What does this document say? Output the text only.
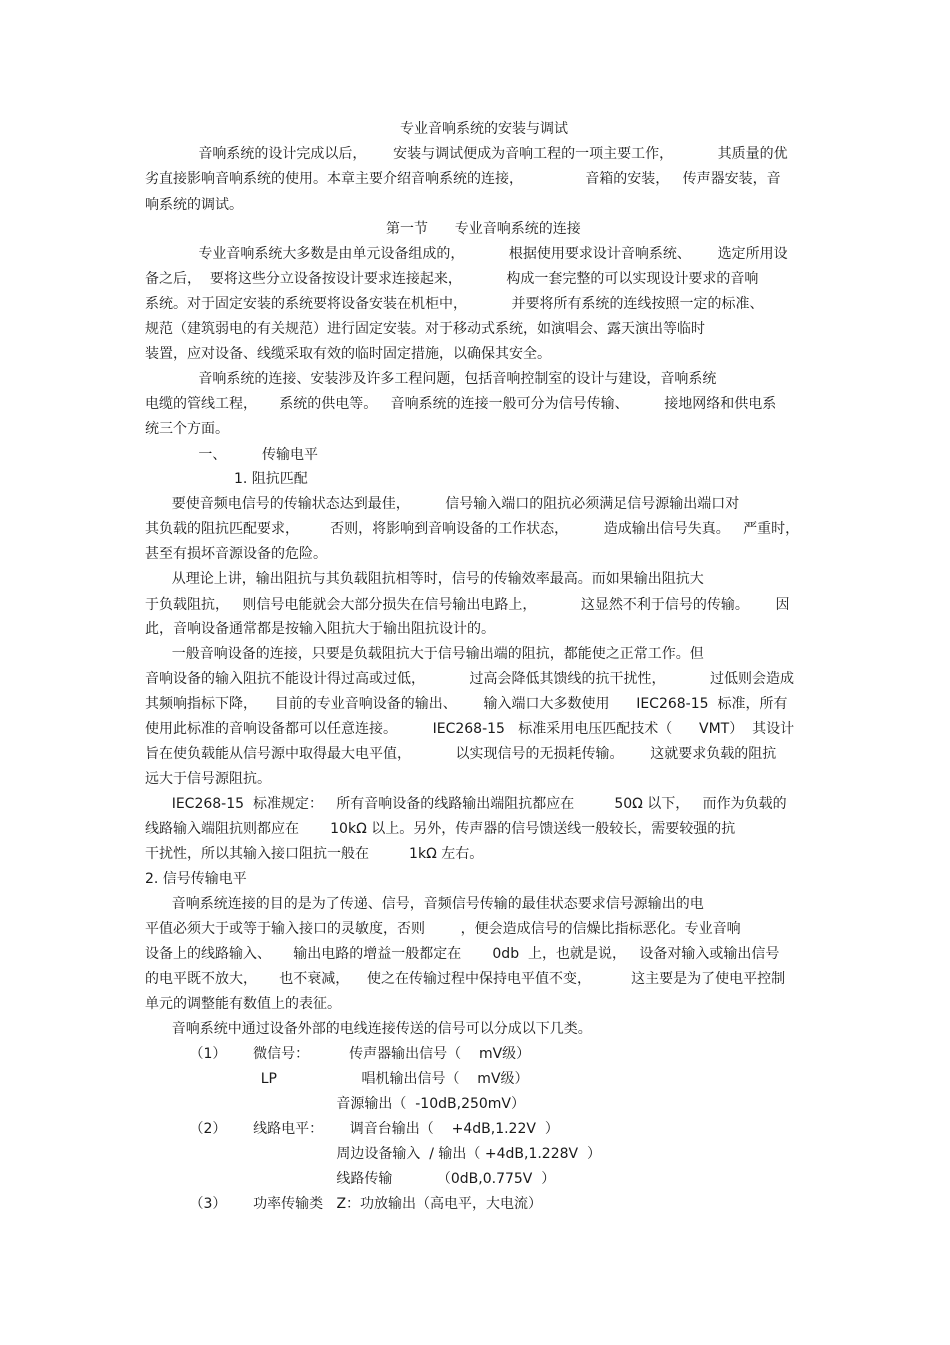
专业音响系统的安装与调试
音响系统的设计完成以后，      安装与调试便成为音响工程的一项主要工作，          其质量的优
劣直接影响音响系统的使用。本章主要介绍音响系统的连接，              音箱的安装，   传声器安装，音
响系统的调试。
第一节      专业音响系统的连接
专业音响系统大多数是由单元设备组成的，          根据使用要求设计音响系统、      选定所用设
备之后，  要将这些分立设备按设计要求连接起来，          构成一套完整的可以实现设计要求的音响
系统。对于固定安装的系统要将设备安装在机柜中，          并要将所有系统的连线按照一定的标准、
规范（建筑弱电的有关规范）进行固定安装。对于移动式系统，如演唱会、露天演出等临时
装置，应对设备、线缆采取有效的临时固定措施，以确保其安全。
音响系统的连接、安装涉及许多工程问题，包括音响控制室的设计与建设，音响系统
电缆的管线工程，     系统的供电等。   音响系统的连接一般可分为信号传输、        接地网络和供电系
统三个方面。
一、        传输电平
1. 阻抗匹配
要使音频电信号的传输状态达到最佳，        信号输入端口的阻抗必须满足信号源输出端口对
其负载的阻抗匹配要求，       否则，将影响到音响设备的工作状态，        造成输出信号失真。   严重时，
甚至有损坏音源设备的危险。
从理论上讲，输出阻抗与其负载阻抗相等时，信号的传输效率最高。而如果输出阻抗大
于负载阻抗，   则信号电能就会大部分损失在信号输出电路上，          这显然不利于信号的传输。      因
此，音响设备通常都是按输入阻抗大于输出阻抗设计的。
一般音响设备的连接，只要是负载阻抗大于信号输出端的阻抗，都能使之正常工作。但
音响设备的输入阻抗不能设计得过高或过低，          过高会降低其馈线的抗干扰性，          过低则会造成
其频响指标下降，    目前的专业音响设备的输出、      输入端口大多数使用      IEC268-15  标准，所有
使用此标准的音响设备都可以任意连接。        IEC268-15   标准采用电压匹配技术（      VMT）  其设计
旨在使负载能从信号源中取得最大电平值，          以实现信号的无损耗传输。      这就要求负载的阻抗
远大于信号源阻抗。
IEC268-15  标准规定：   所有音响设备的线路输出端阻抗都应在         50Ω 以下，   而作为负载的
线路输入端阻抗则都应在       10kΩ 以上。另外，传声器的信号馈送线一般较长，需要较强的抗
干扰性，所以其输入接口阻抗一般在         1kΩ 左右。
2. 信号传输电平
音响系统连接的目的是为了传递、信号，音频信号传输的最佳状态要求信号源输出的电
平值必须大于或等于输入接口的灵敏度，否则        ，便会造成信号的信燥比指标恶化。专业音响
设备上的线路输入、     输出电路的增益一般都定在       0db  上，也就是说，   设备对输入或输出信号
的电平既不放大，     也不衰减，    使之在传输过程中保持电平值不变，         这主要是为了使电平控制
单元的调整能有数值上的表征。
音响系统中通过设备外部的电线连接传送的信号可以分成以下几类。
（1）      微信号：         传声器输出信号（    mV级）
LP                   唱机输出信号（    mV级）
音源输出（  -10dB,250mV）
（2）      线路电平：      调音台输出（    +4dB,1.22V  ）
周边设备输入  / 输出（ +4dB,1.228V  ）
线路传输          （0dB,0.775V  ）
（3）      功率传输类   Z：功放输出（高电平，大电流）
